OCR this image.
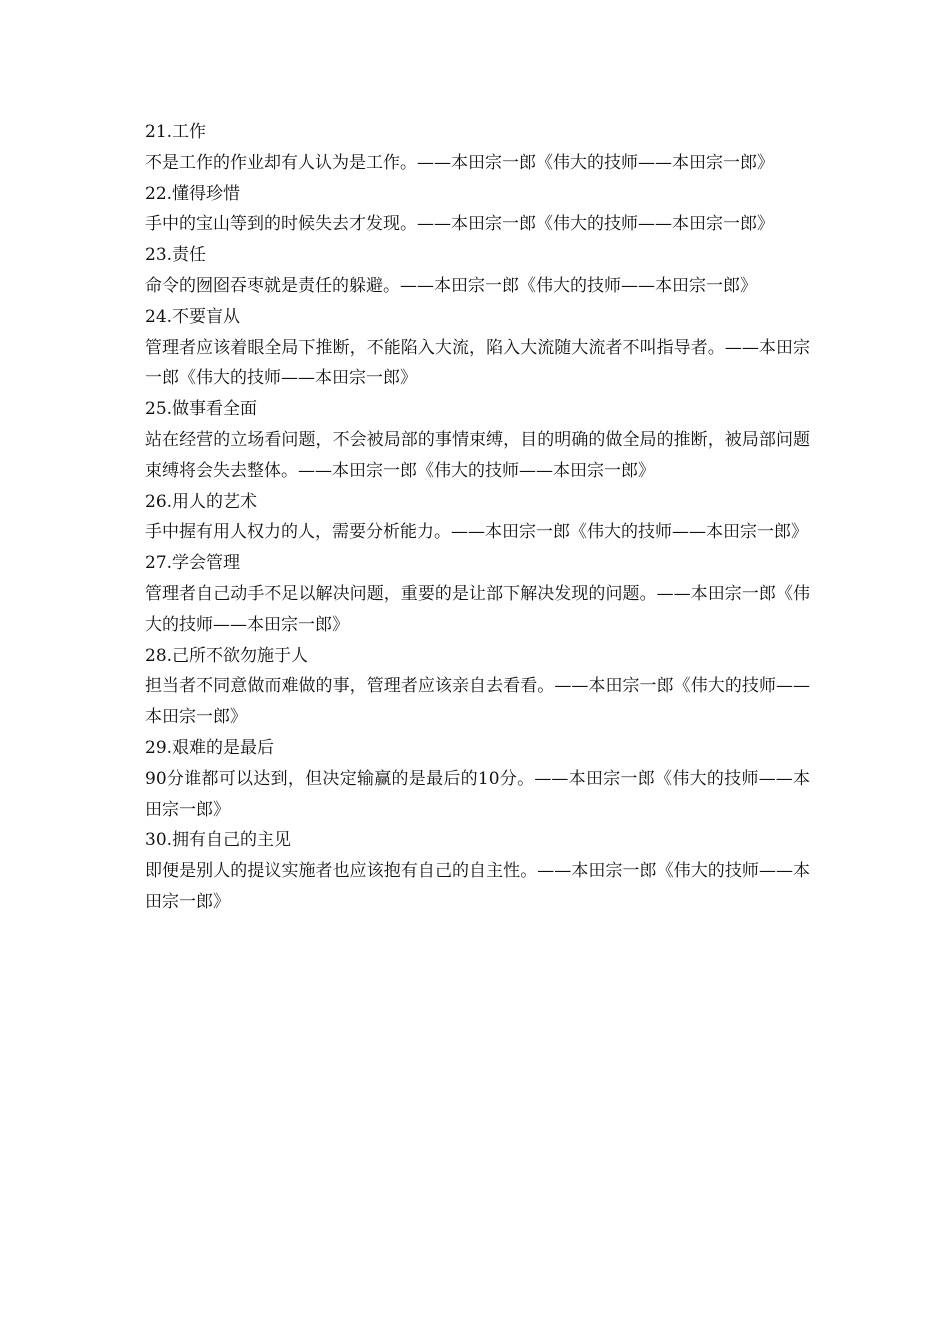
21.工作

不是工作的作业却有人认为是工作。——本田宗一郎《伟大的技师——本田宗一郎》

22.懂得珍惜

手中的宝山等到的时候失去才发现。——本田宗一郎《伟大的技师——本田宗一郎》

23.责任

命令的囫囵吞枣就是责任的躲避。——本田宗一郎《伟大的技师——本田宗一郎》

24.不要盲从

管理者应该着眼全局下推断，不能陷入大流，陷入大流随大流者不叫指导者。——本田宗一郎《伟大的技师——本田宗一郎》

25.做事看全面

站在经营的立场看问题，不会被局部的事情束缚，目的明确的做全局的推断，被局部问题束缚将会失去整体。——本田宗一郎《伟大的技师——本田宗一郎》

26.用人的艺术

手中握有用人权力的人，需要分析能力。——本田宗一郎《伟大的技师——本田宗一郎》

27.学会管理

管理者自己动手不足以解决问题，重要的是让部下解决发现的问题。——本田宗一郎《伟大的技师——本田宗一郎》

28.己所不欲勿施于人

担当者不同意做而难做的事，管理者应该亲自去看看。——本田宗一郎《伟大的技师——本田宗一郎》

29.艰难的是最后

90分谁都可以达到，但决定输赢的是最后的10分。——本田宗一郎《伟大的技师——本田宗一郎》

30.拥有自己的主见

即便是别人的提议实施者也应该抱有自己的自主性。——本田宗一郎《伟大的技师——本田宗一郎》
